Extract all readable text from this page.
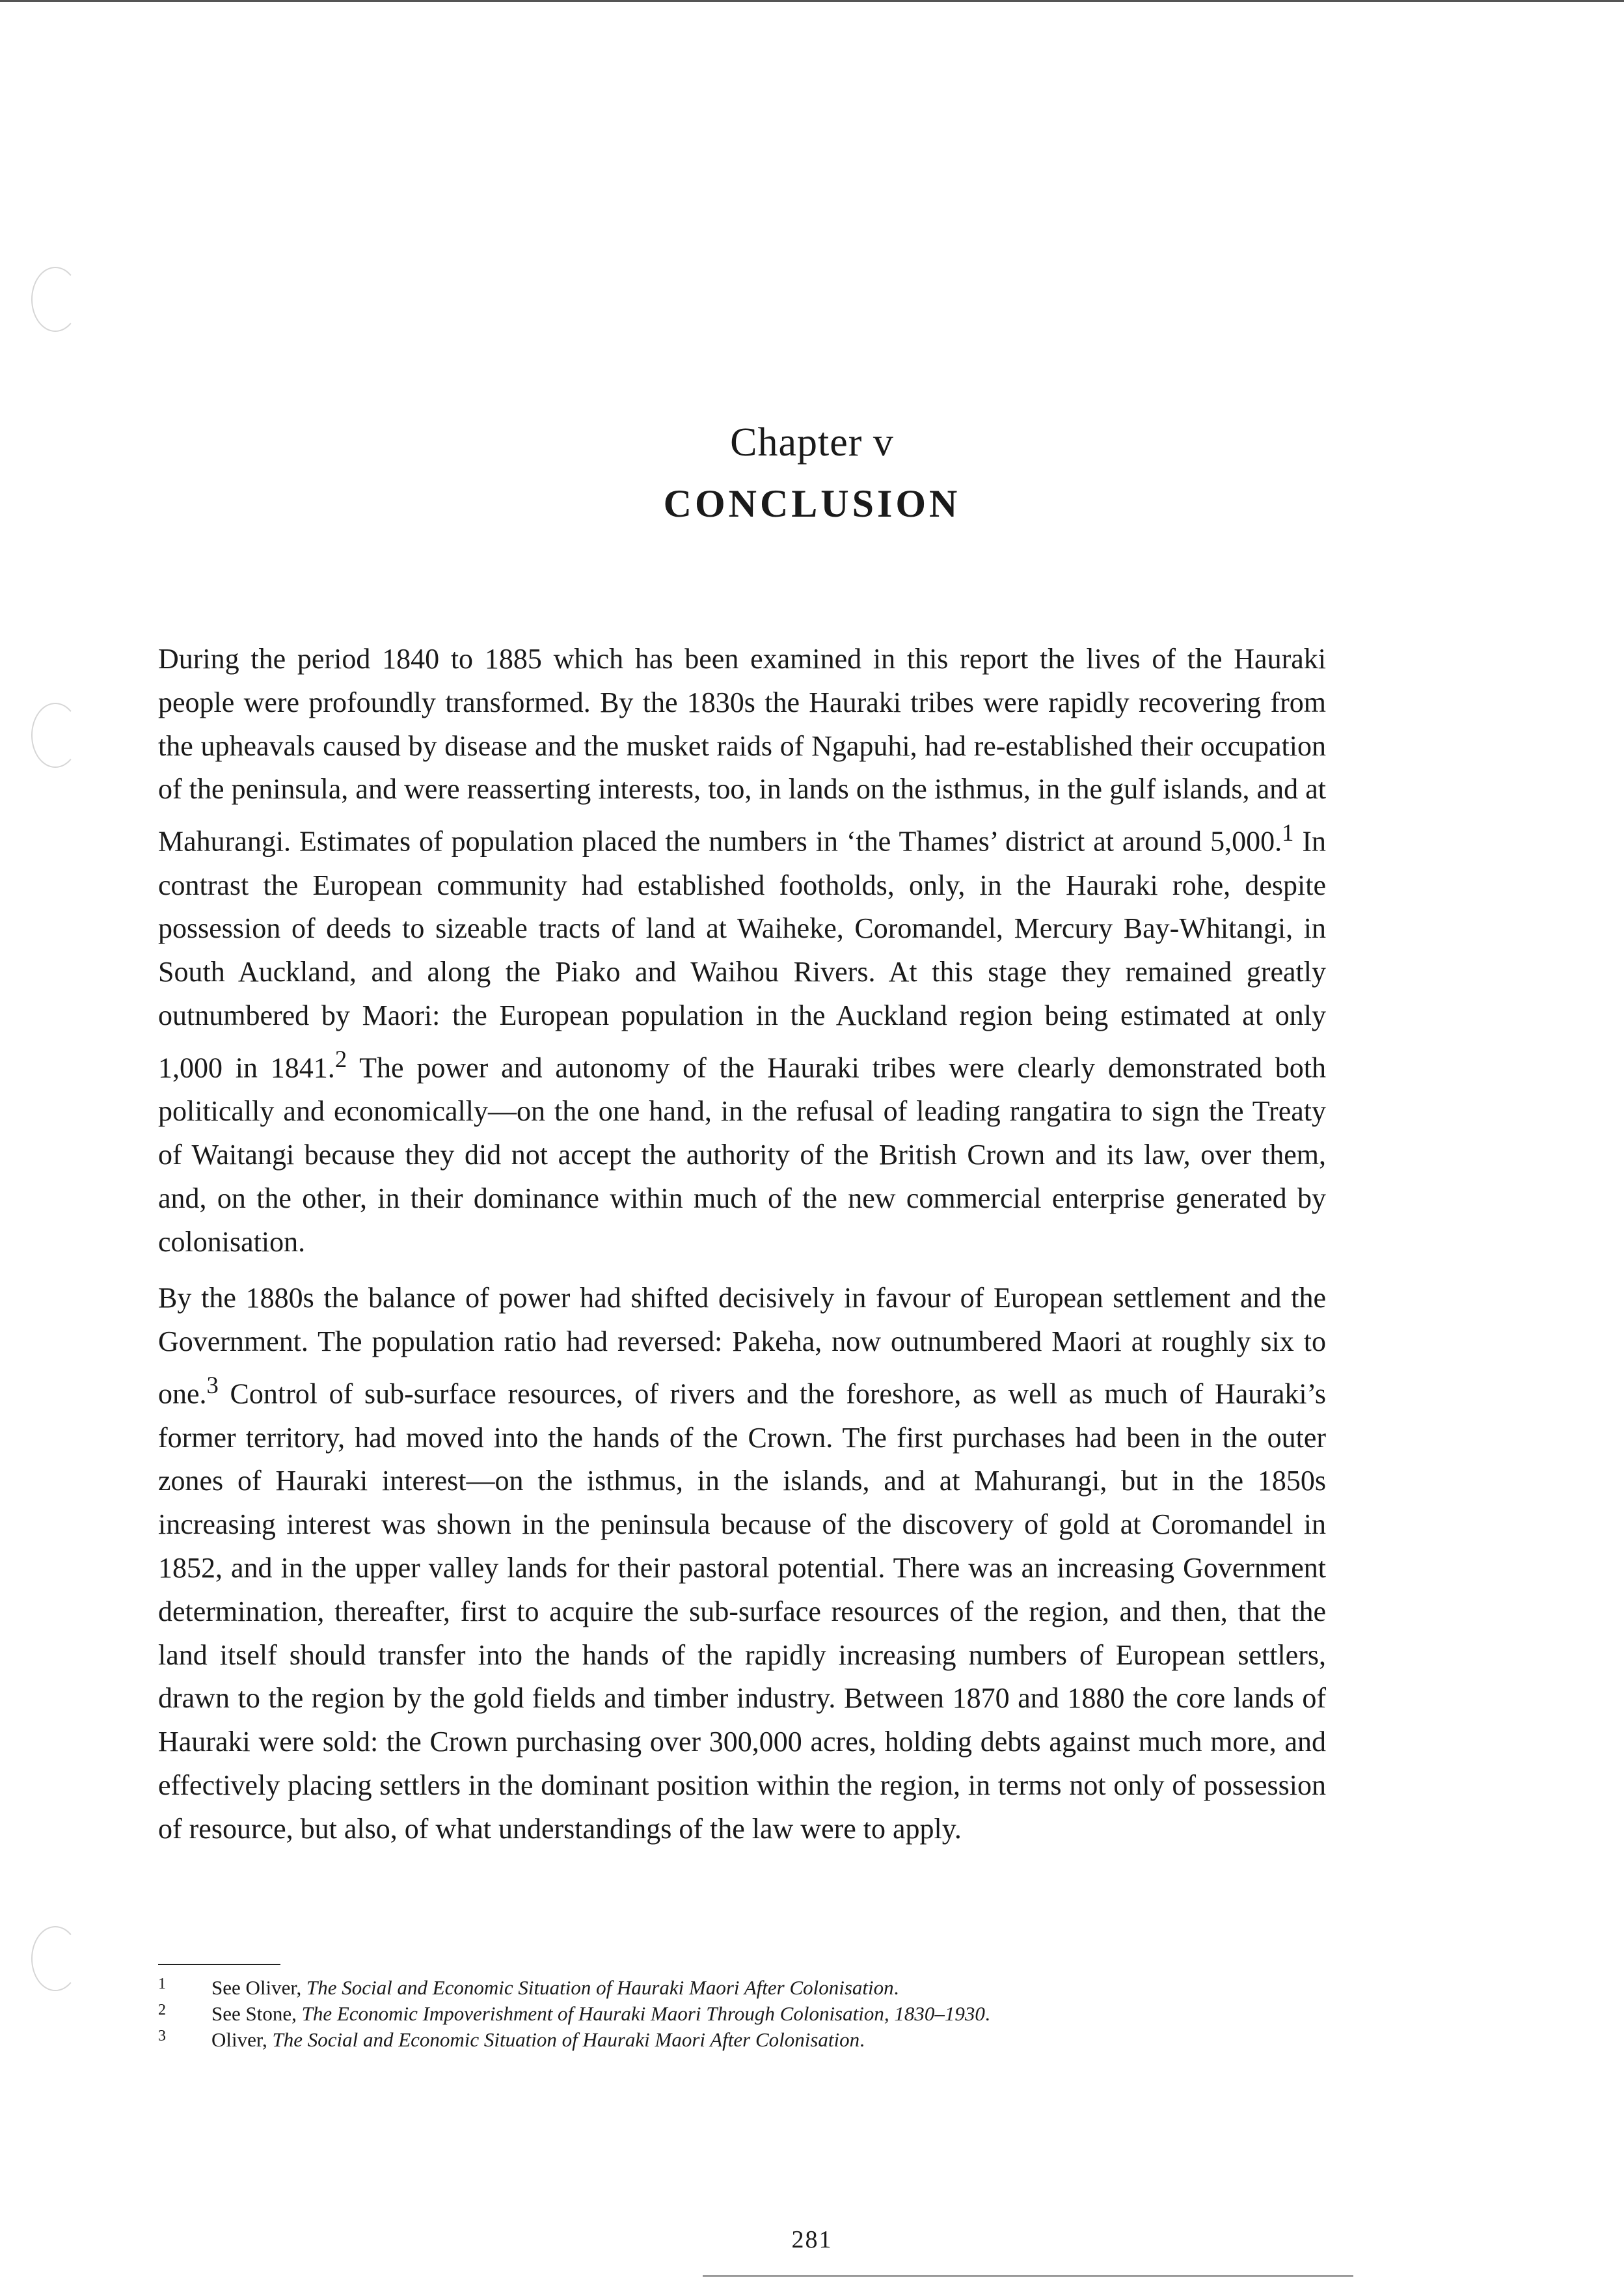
Chapter v
CONCLUSION

During the period 1840 to 1885 which has been examined in this report the lives of the Hauraki people were profoundly transformed. By the 1830s the Hauraki tribes were rapidly recovering from the upheavals caused by disease and the musket raids of Ngapuhi, had re-established their occupation of the peninsula, and were reasserting interests, too, in lands on the isthmus, in the gulf islands, and at Mahurangi. Estimates of population placed the numbers in ‘the Thames’ district at around 5,000.$^1$ In contrast the European community had established footholds, only, in the Hauraki rohe, despite possession of deeds to sizeable tracts of land at Waiheke, Coromandel, Mercury Bay-Whitangi, in South Auckland, and along the Piako and Waihou Rivers. At this stage they remained greatly outnumbered by Maori: the European population in the Auckland region being estimated at only 1,000 in 1841.$^2$ The power and autonomy of the Hauraki tribes were clearly demonstrated both politically and economically—on the one hand, in the refusal of leading rangatira to sign the Treaty of Waitangi because they did not accept the authority of the British Crown and its law, over them, and, on the other, in their dominance within much of the new commercial enterprise generated by colonisation.

By the 1880s the balance of power had shifted decisively in favour of European settlement and the Government. The population ratio had reversed: Pakeha, now outnumbered Maori at roughly six to one.$^3$ Control of sub-surface resources, of rivers and the foreshore, as well as much of Hauraki’s former territory, had moved into the hands of the Crown. The first purchases had been in the outer zones of Hauraki interest—on the isthmus, in the islands, and at Mahurangi, but in the 1850s increasing interest was shown in the peninsula because of the discovery of gold at Coromandel in 1852, and in the upper valley lands for their pastoral potential. There was an increasing Government determination, thereafter, first to acquire the sub-surface resources of the region, and then, that the land itself should transfer into the hands of the rapidly increasing numbers of European settlers, drawn to the region by the gold fields and timber industry. Between 1870 and 1880 the core lands of Hauraki were sold: the Crown purchasing over 300,000 acres, holding debts against much more, and effectively placing settlers in the dominant position within the region, in terms not only of possession of resource, but also, of what understandings of the law were to apply.

1	See Oliver, The Social and Economic Situation of Hauraki Maori After Colonisation.
2	See Stone, The Economic Impoverishment of Hauraki Maori Through Colonisation, 1830–1930.
3	Oliver, The Social and Economic Situation of Hauraki Maori After Colonisation.
281
